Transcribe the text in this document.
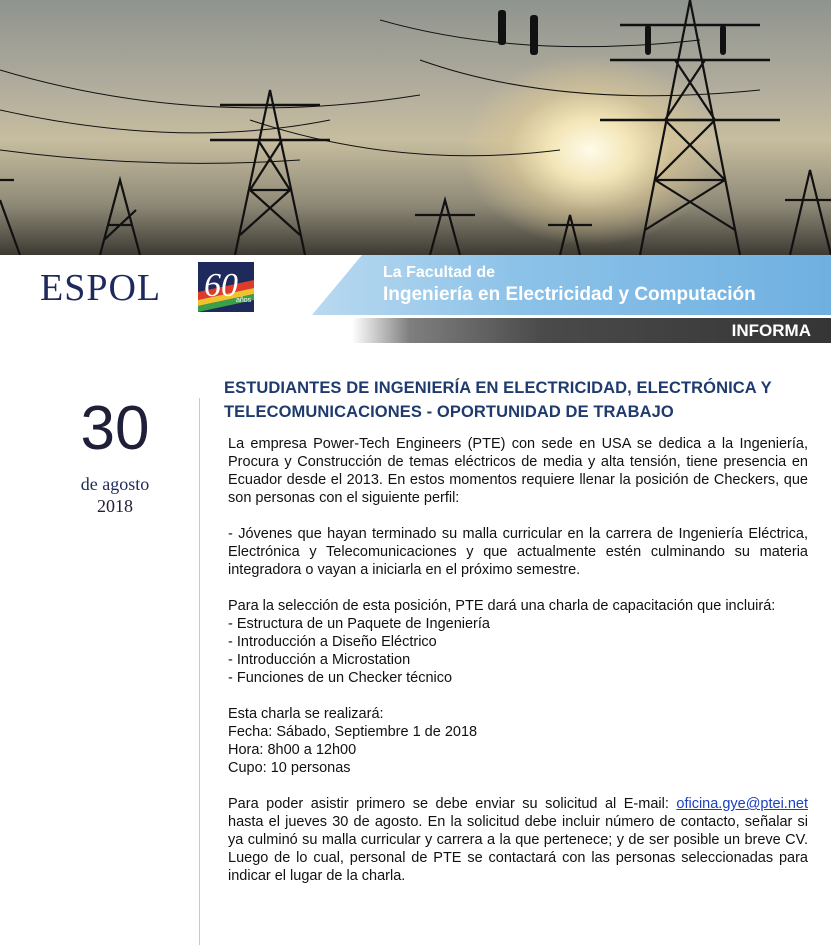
ESPOL 60
años
La Facultad de
Ingeniería en Electricidad y Computación
INFORMA
30
de agosto
2018
ESTUDIANTES DE INGENIERÍA EN ELECTRICIDAD, ELECTRÓNICA Y
TELECOMUNICACIONES - OPORTUNIDAD DE TRABAJO

La empresa Power-Tech Engineers (PTE) con sede en USA se dedica a la Ingeniería, Procura y Construcción de temas eléctricos de media y alta tensión, tiene presencia en Ecuador desde el 2013. En estos momentos requiere llenar la posición de Checkers, que son personas con el siguiente perfil:

- Jóvenes que hayan terminado su malla curricular en la carrera de Ingeniería Eléctrica, Electrónica y Telecomunicaciones y que actualmente estén culminando su materia integradora o vayan a iniciarla en el próximo semestre.

Para la selección de esta posición, PTE dará una charla de capacitación que incluirá:

- Estructura de un Paquete de Ingeniería

- Introducción a Diseño Eléctrico

- Introducción a Microstation

- Funciones de un Checker técnico

Esta charla se realizará:

Fecha: Sábado, Septiembre 1 de 2018

Hora: 8h00 a 12h00

Cupo: 10 personas

Para poder asistir primero se debe enviar su solicitud al E-mail: oficina.gye@ptei.net hasta el jueves 30 de agosto. En la solicitud debe incluir número de contacto, señalar si ya culminó su malla curricular y carrera a la que pertenece; y de ser posible un breve CV. Luego de lo cual, personal de PTE se contactará con las personas seleccionadas para indicar el lugar de la charla.
